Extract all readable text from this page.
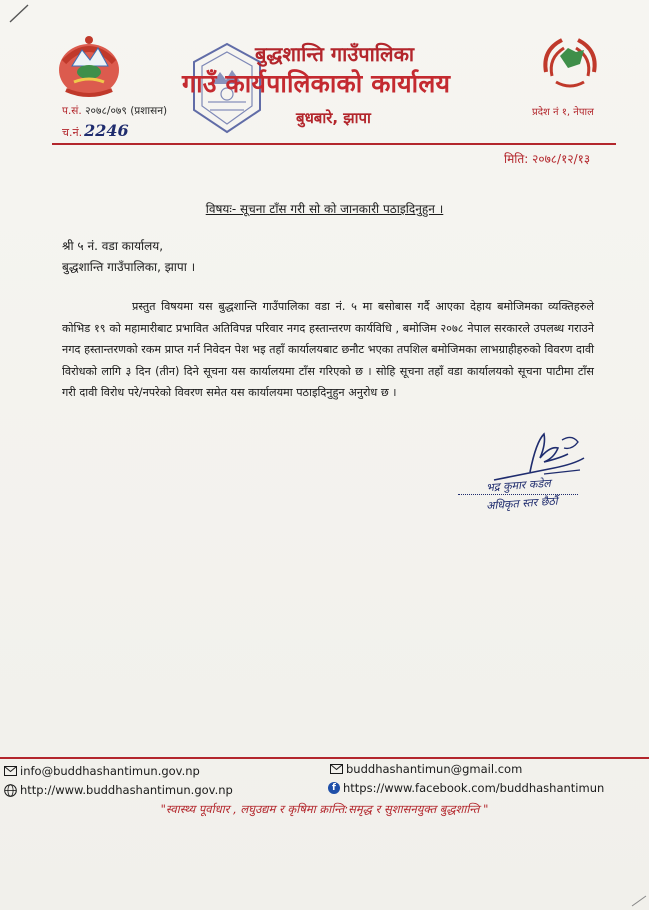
बुद्धशान्ति गाउँपालिका
गाउँ कार्यपालिकाको कार्यालय
बुधबारे, झापा	प्रदेश नं १, नेपाल
प.सं. २०७८/०७९ (प्रशासन)
च.नं. 2246
मिति: २०७८/१२/१३
विषयः- सूचना टाँस गरी सो को जानकारी पठाइदिनुहुन ।
श्री ५ नं. वडा कार्यालय,
बुद्धशान्ति गाउँपालिका, झापा ।
प्रस्तुत विषयमा यस बुद्धशान्ति गाउँपालिका वडा नं. ५ मा बसोबास गर्दै आएका देहाय बमोजिमका व्यक्तिहरुले कोभिड १९ को महामारीबाट प्रभावित अतिविपन्न परिवार नगद हस्तान्तरण कार्यविधि , बमोजिम २०७८ नेपाल सरकारले उपलब्ध गराउने नगद हस्तान्तरणको रकम प्राप्त गर्न निवेदन पेश भइ तहाँ कार्यालयबाट छनौट भएका तपशिल बमोजिमका लाभग्राहीहरुको विवरण दावी विरोधको लागि ३ दिन (तीन) दिने सूचना यस कार्यालयमा टाँस गरिएको छ । सोहि सूचना तहाँ वडा कार्यालयको सूचना पाटीमा टाँस गरी दावी विरोध परे/नपरेको विवरण समेत यस कार्यालयमा पठाइदिनुहुन अनुरोध छ ।
भद्र कुमार कडेल
अधिकृत स्तर छैठौं
info@buddhashantimun.gov.np
http://www.buddhashantimun.gov.np
buddhashantimun@gmail.com
f https://www.facebook.com/buddhashantimun
"स्वास्थ्य पूर्वाधार , लघुउद्यम र कृषिमा क्रान्ति:समृद्ध र सुशासनयुक्त बुद्धशान्ति "
